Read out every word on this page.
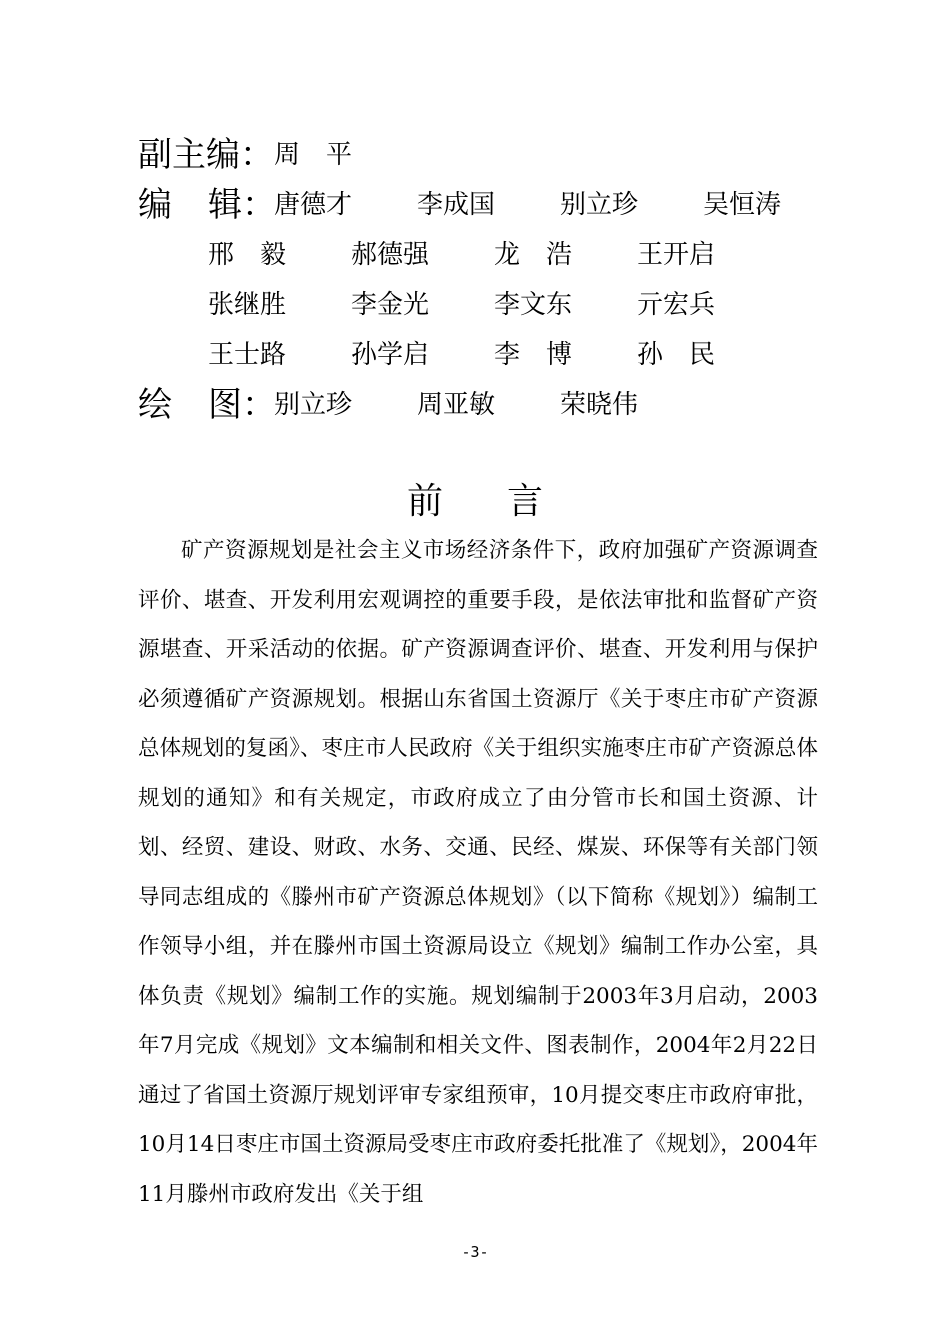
副主编： 周　平
编 辑：
唐德才	李成国	别立珍	吴恒涛
邢　毅	郝德强	龙　浩	王开启
张继胜	李金光	李文东	亓宏兵
王士路	孙学启	李　博	孙　民
绘 图：
别立珍	周亚敏	荣晓伟
前 言
矿产资源规划是社会主义市场经济条件下，政府加强矿产资源调查评价、堪查、开发利用宏观调控的重要手段，是依法审批和监督矿产资源堪查、开采活动的依据。矿产资源调查评价、堪查、开发利用与保护必须遵循矿产资源规划。根据山东省国土资源厅《关于枣庄市矿产资源总体规划的复函》、枣庄市人民政府《关于组织实施枣庄市矿产资源总体规划的通知》和有关规定，市政府成立了由分管市长和国土资源、计划、经贸、建设、财政、水务、交通、民经、煤炭、环保等有关部门领导同志组成的《滕州市矿产资源总体规划》（以下简称《规划》）编制工作领导小组，并在滕州市国土资源局设立《规划》编制工作办公室，具体负责《规划》编制工作的实施。规划编制于2003年3月启动，2003年7月完成《规划》文本编制和相关文件、图表制作，2004年2月22日通过了省国土资源厅规划评审专家组预审，10月提交枣庄市政府审批，10月14日枣庄市国土资源局受枣庄市政府委托批准了《规划》，2004年11月滕州市政府发出《关于组
-3-
